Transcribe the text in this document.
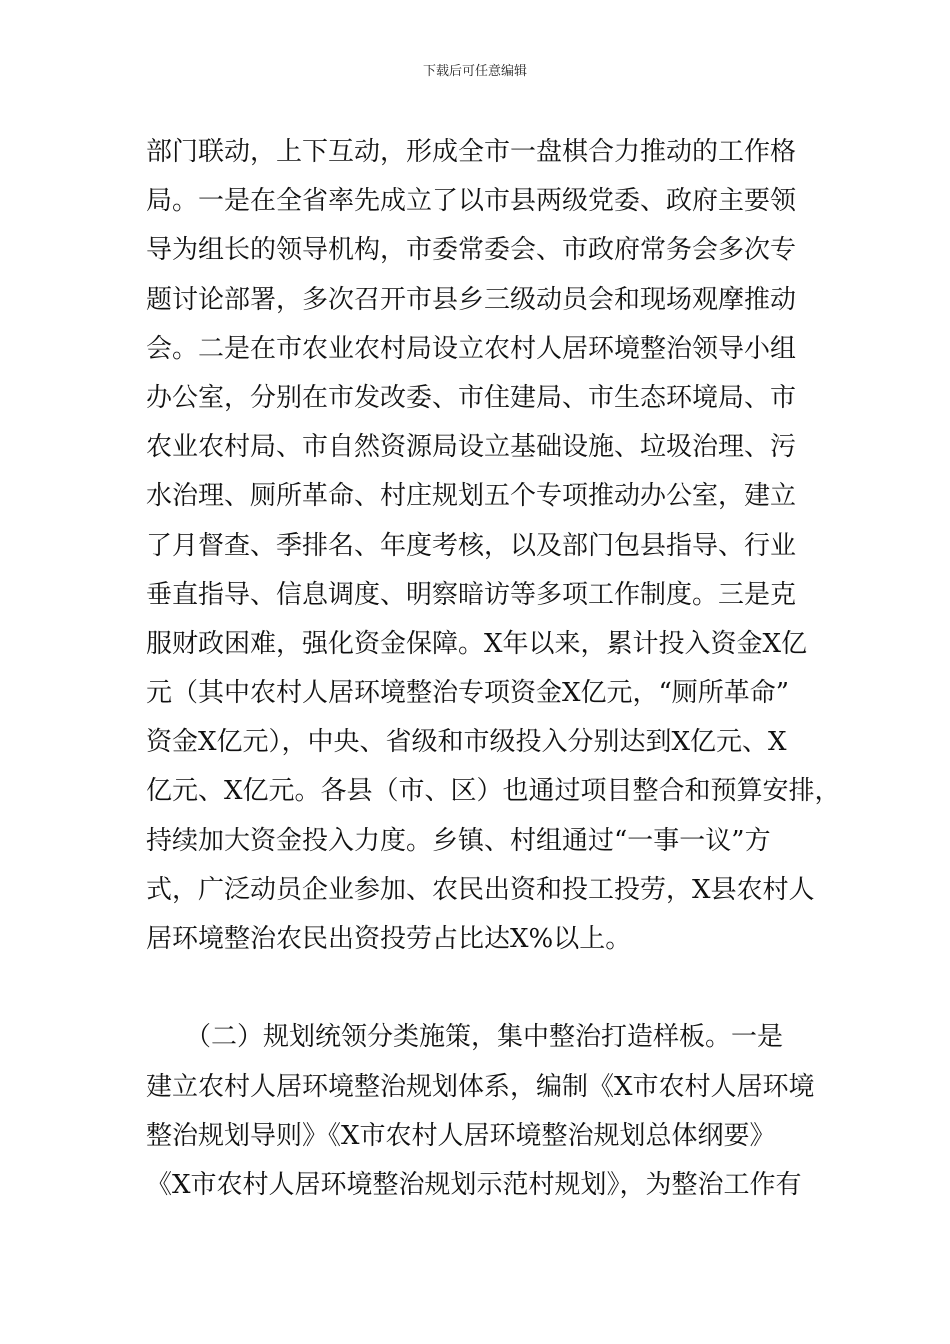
下载后可任意编辑
部门联动，上下互动，形成全市一盘棋合力推动的工作格
局。一是在全省率先成立了以市县两级党委、政府主要领
导为组长的领导机构，市委常委会、市政府常务会多次专
题讨论部署，多次召开市县乡三级动员会和现场观摩推动
会。二是在市农业农村局设立农村人居环境整治领导小组
办公室，分别在市发改委、市住建局、市生态环境局、市
农业农村局、市自然资源局设立基础设施、垃圾治理、污
水治理、厕所革命、村庄规划五个专项推动办公室，建立
了月督查、季排名、年度考核，以及部门包县指导、行业
垂直指导、信息调度、明察暗访等多项工作制度。三是克
服财政困难，强化资金保障。X年以来，累计投入资金X亿
元（其中农村人居环境整治专项资金X亿元，“厕所革命”
资金X亿元），中央、省级和市级投入分别达到X亿元、X
亿元、X亿元。各县（市、区）也通过项目整合和预算安排，
持续加大资金投入力度。乡镇、村组通过“一事一议”方
式，广泛动员企业参加、农民出资和投工投劳，X县农村人
居环境整治农民出资投劳占比达X%以上。
　　（二）规划统领分类施策，集中整治打造样板。一是
建立农村人居环境整治规划体系，编制《X市农村人居环境
整治规划导则》《X市农村人居环境整治规划总体纲要》
《X市农村人居环境整治规划示范村规划》，为整治工作有
